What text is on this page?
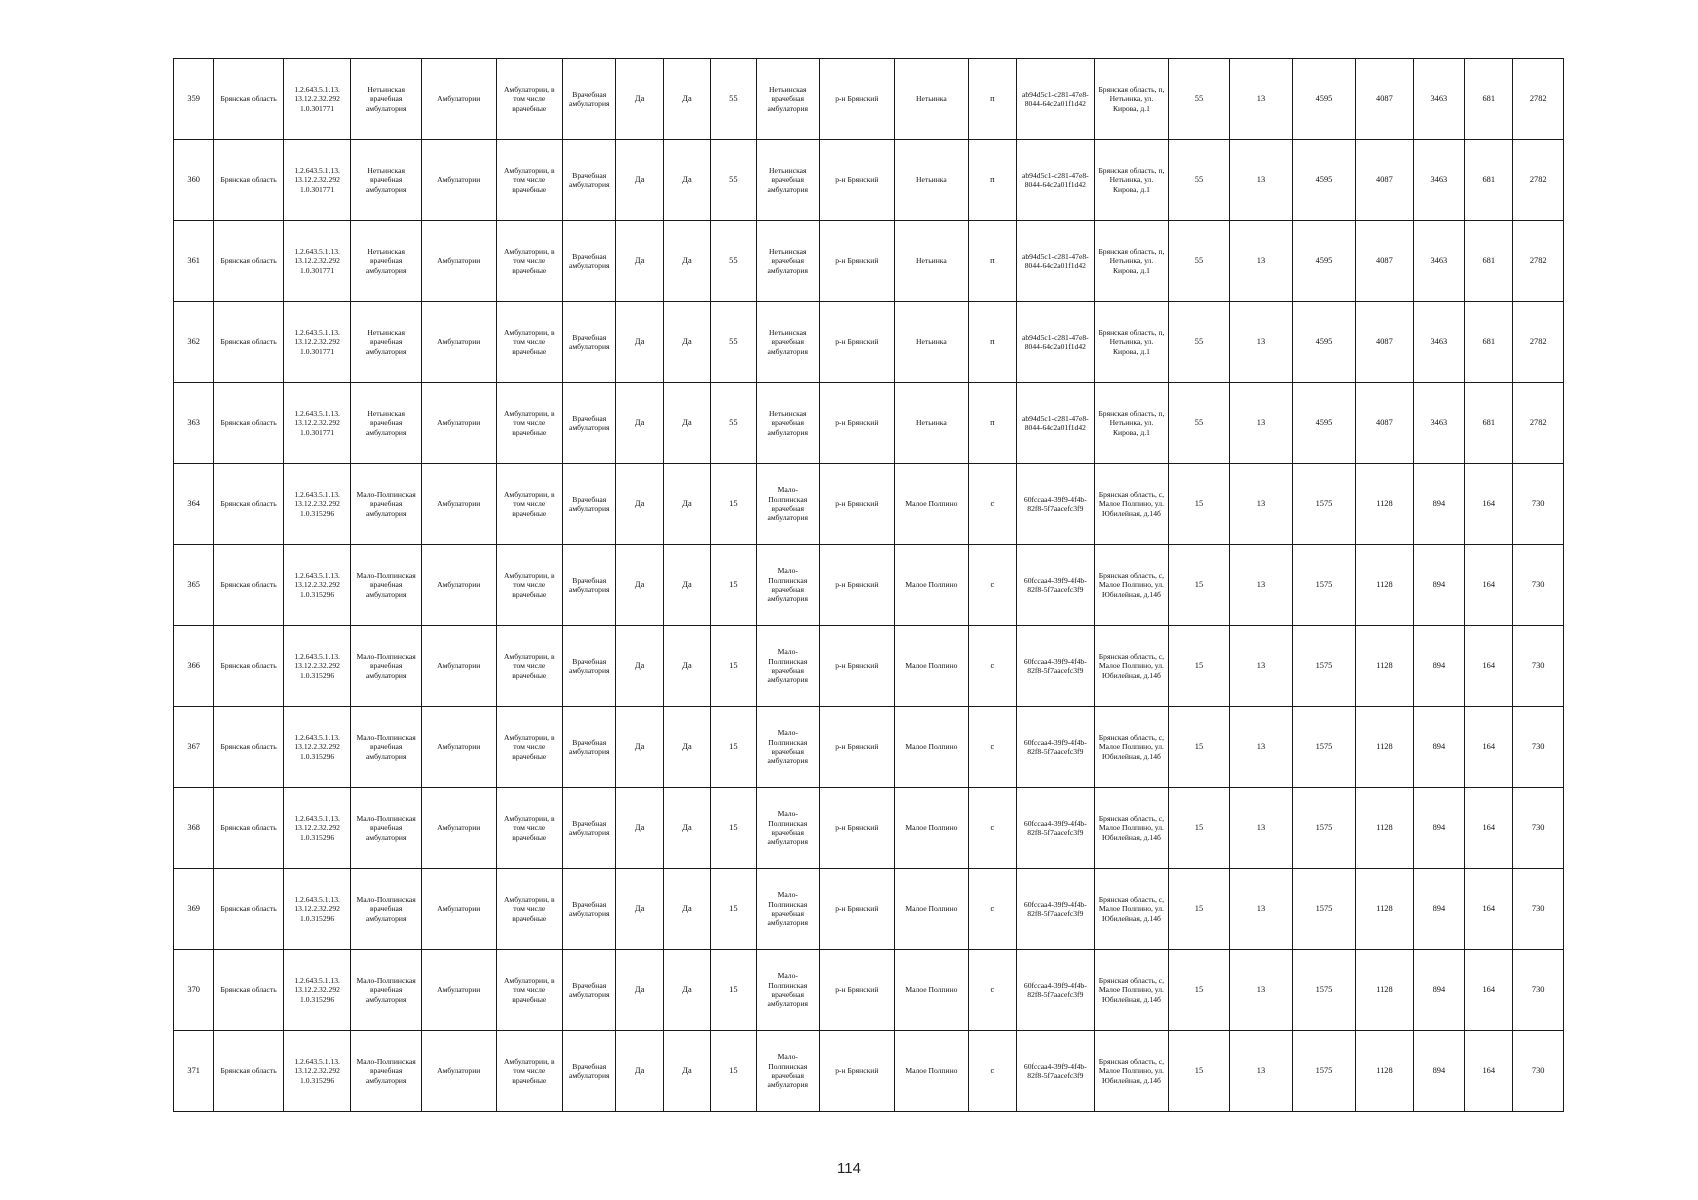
359	Брянская область	1.2.643.5.1.13. 13.12.2.32.292 1.0.301771	Нетьинская врачебная амбулатория	Амбулатории	Амбулатории, в том числе врачебные	Врачебная амбулатория	Да	Да	55	Нетьинская врачебная амбулатория	р-н Брянский	Нетьинка	п	ab94d5c1-c281-47e8-8044-64c2a01f1d42	Брянская область, п, Нетьинка, ул. Кирова, д.1	55	13	4595	4087	3463	681	2782
360	Брянская область	1.2.643.5.1.13. 13.12.2.32.292 1.0.301771	Нетьинская врачебная амбулатория	Амбулатории	Амбулатории, в том числе врачебные	Врачебная амбулатория	Да	Да	55	Нетьинская врачебная амбулатория	р-н Брянский	Нетьинка	п	ab94d5c1-c281-47e8-8044-64c2a01f1d42	Брянская область, п, Нетьинка, ул. Кирова, д.1	55	13	4595	4087	3463	681	2782
361	Брянская область	1.2.643.5.1.13. 13.12.2.32.292 1.0.301771	Нетьинская врачебная амбулатория	Амбулатории	Амбулатории, в том числе врачебные	Врачебная амбулатория	Да	Да	55	Нетьинская врачебная амбулатория	р-н Брянский	Нетьинка	п	ab94d5c1-c281-47e8-8044-64c2a01f1d42	Брянская область, п, Нетьинка, ул. Кирова, д.1	55	13	4595	4087	3463	681	2782
362	Брянская область	1.2.643.5.1.13. 13.12.2.32.292 1.0.301771	Нетьинская врачебная амбулатория	Амбулатории	Амбулатории, в том числе врачебные	Врачебная амбулатория	Да	Да	55	Нетьинская врачебная амбулатория	р-н Брянский	Нетьинка	п	ab94d5c1-c281-47e8-8044-64c2a01f1d42	Брянская область, п, Нетьинка, ул. Кирова, д.1	55	13	4595	4087	3463	681	2782
363	Брянская область	1.2.643.5.1.13. 13.12.2.32.292 1.0.301771	Нетьинская врачебная амбулатория	Амбулатории	Амбулатории, в том числе врачебные	Врачебная амбулатория	Да	Да	55	Нетьинская врачебная амбулатория	р-н Брянский	Нетьинка	п	ab94d5c1-c281-47e8-8044-64c2a01f1d42	Брянская область, п, Нетьинка, ул. Кирова, д.1	55	13	4595	4087	3463	681	2782
364	Брянская область	1.2.643.5.1.13. 13.12.2.32.292 1.0.315296	Мало-Полпинская врачебная амбулатория	Амбулатории	Амбулатории, в том числе врачебные	Врачебная амбулатория	Да	Да	15	Мало-Полпинская врачебная амбулатория	р-н Брянский	Малое Полпино	с	60fccaa4-39f9-4f4b-82f8-5f7aacefc3f9	Брянская область, с, Малое Полпино, ул. Юбилейная, д.14б	15	13	1575	1128	894	164	730
365	Брянская область	1.2.643.5.1.13. 13.12.2.32.292 1.0.315296	Мало-Полпинская врачебная амбулатория	Амбулатории	Амбулатории, в том числе врачебные	Врачебная амбулатория	Да	Да	15	Мало-Полпинская врачебная амбулатория	р-н Брянский	Малое Полпино	с	60fccaa4-39f9-4f4b-82f8-5f7aacefc3f9	Брянская область, с, Малое Полпино, ул. Юбилейная, д.14б	15	13	1575	1128	894	164	730
366	Брянская область	1.2.643.5.1.13. 13.12.2.32.292 1.0.315296	Мало-Полпинская врачебная амбулатория	Амбулатории	Амбулатории, в том числе врачебные	Врачебная амбулатория	Да	Да	15	Мало-Полпинская врачебная амбулатория	р-н Брянский	Малое Полпино	с	60fccaa4-39f9-4f4b-82f8-5f7aacefc3f9	Брянская область, с, Малое Полпино, ул. Юбилейная, д.14б	15	13	1575	1128	894	164	730
367	Брянская область	1.2.643.5.1.13. 13.12.2.32.292 1.0.315296	Мало-Полпинская врачебная амбулатория	Амбулатории	Амбулатории, в том числе врачебные	Врачебная амбулатория	Да	Да	15	Мало-Полпинская врачебная амбулатория	р-н Брянский	Малое Полпино	с	60fccaa4-39f9-4f4b-82f8-5f7aacefc3f9	Брянская область, с, Малое Полпино, ул. Юбилейная, д.14б	15	13	1575	1128	894	164	730
368	Брянская область	1.2.643.5.1.13. 13.12.2.32.292 1.0.315296	Мало-Полпинская врачебная амбулатория	Амбулатории	Амбулатории, в том числе врачебные	Врачебная амбулатория	Да	Да	15	Мало-Полпинская врачебная амбулатория	р-н Брянский	Малое Полпино	с	60fccaa4-39f9-4f4b-82f8-5f7aacefc3f9	Брянская область, с, Малое Полпино, ул. Юбилейная, д.14б	15	13	1575	1128	894	164	730
369	Брянская область	1.2.643.5.1.13. 13.12.2.32.292 1.0.315296	Мало-Полпинская врачебная амбулатория	Амбулатории	Амбулатории, в том числе врачебные	Врачебная амбулатория	Да	Да	15	Мало-Полпинская врачебная амбулатория	р-н Брянский	Малое Полпино	с	60fccaa4-39f9-4f4b-82f8-5f7aacefc3f9	Брянская область, с, Малое Полпино, ул. Юбилейная, д.14б	15	13	1575	1128	894	164	730
370	Брянская область	1.2.643.5.1.13. 13.12.2.32.292 1.0.315296	Мало-Полпинская врачебная амбулатория	Амбулатории	Амбулатории, в том числе врачебные	Врачебная амбулатория	Да	Да	15	Мало-Полпинская врачебная амбулатория	р-н Брянский	Малое Полпино	с	60fccaa4-39f9-4f4b-82f8-5f7aacefc3f9	Брянская область, с, Малое Полпино, ул. Юбилейная, д.14б	15	13	1575	1128	894	164	730
371	Брянская область	1.2.643.5.1.13. 13.12.2.32.292 1.0.315296	Мало-Полпинская врачебная амбулатория	Амбулатории	Амбулатории, в том числе врачебные	Врачебная амбулатория	Да	Да	15	Мало-Полпинская врачебная амбулатория	р-н Брянский	Малое Полпино	с	60fccaa4-39f9-4f4b-82f8-5f7aacefc3f9	Брянская область, с, Малое Полпино, ул. Юбилейная, д.14б	15	13	1575	1128	894	164	730
114
